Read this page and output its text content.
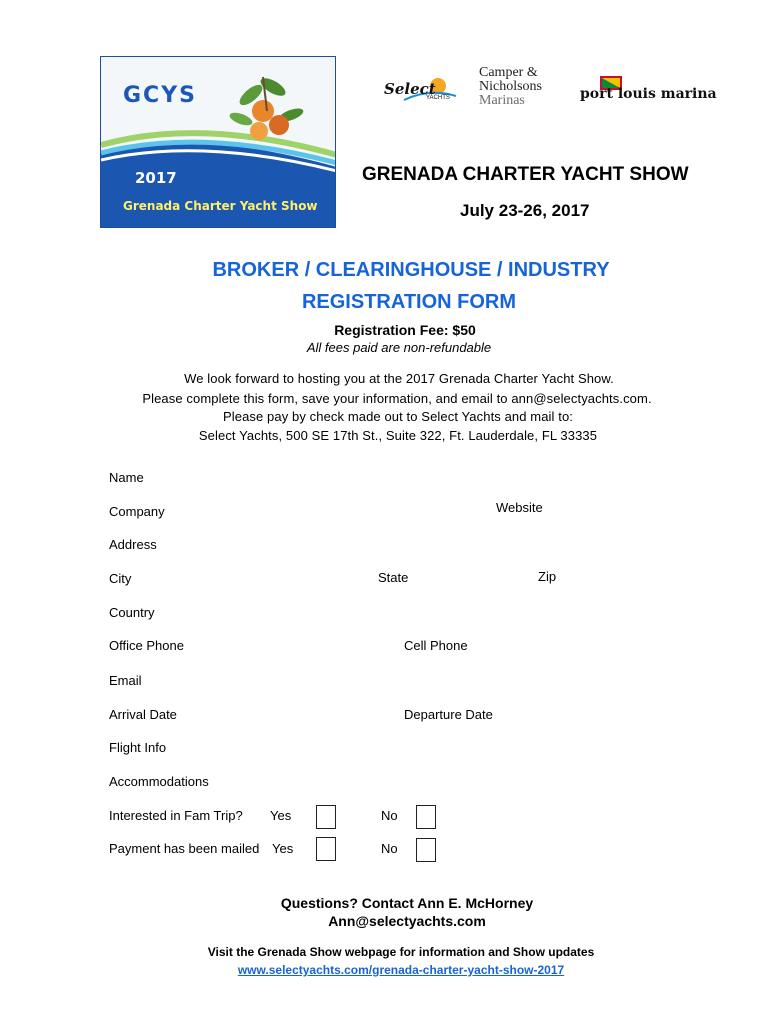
GCYS
2017
Grenada Charter Yacht Show
Select
YACHTS
Camper &
Nicholsons
Marinas	port louis marina
GRENADA CHARTER YACHT SHOW
July 23-26, 2017
BROKER / CLEARINGHOUSE / INDUSTRY
REGISTRATION FORM
Registration Fee: $50
All fees paid are non-refundable
We look forward to hosting you at the 2017 Grenada Charter Yacht Show.
Please complete this form, save your information, and email to ann@selectyachts.com.
Please pay by check made out to Select Yachts and mail to:
Select Yachts, 500 SE 17th St., Suite 322, Ft. Lauderdale, FL 33335
Name
Company	Website
Address
City	State	Zip
Country
Office Phone	Cell Phone
Email
Arrival Date	Departure Date
Flight Info
Accommodations
Interested in Fam Trip? Yes	No
Payment has been mailed Yes	No
Questions? Contact Ann E. McHorney
Ann@selectyachts.com
Visit the Grenada Show webpage for information and Show updates
www.selectyachts.com/grenada-charter-yacht-show-2017
